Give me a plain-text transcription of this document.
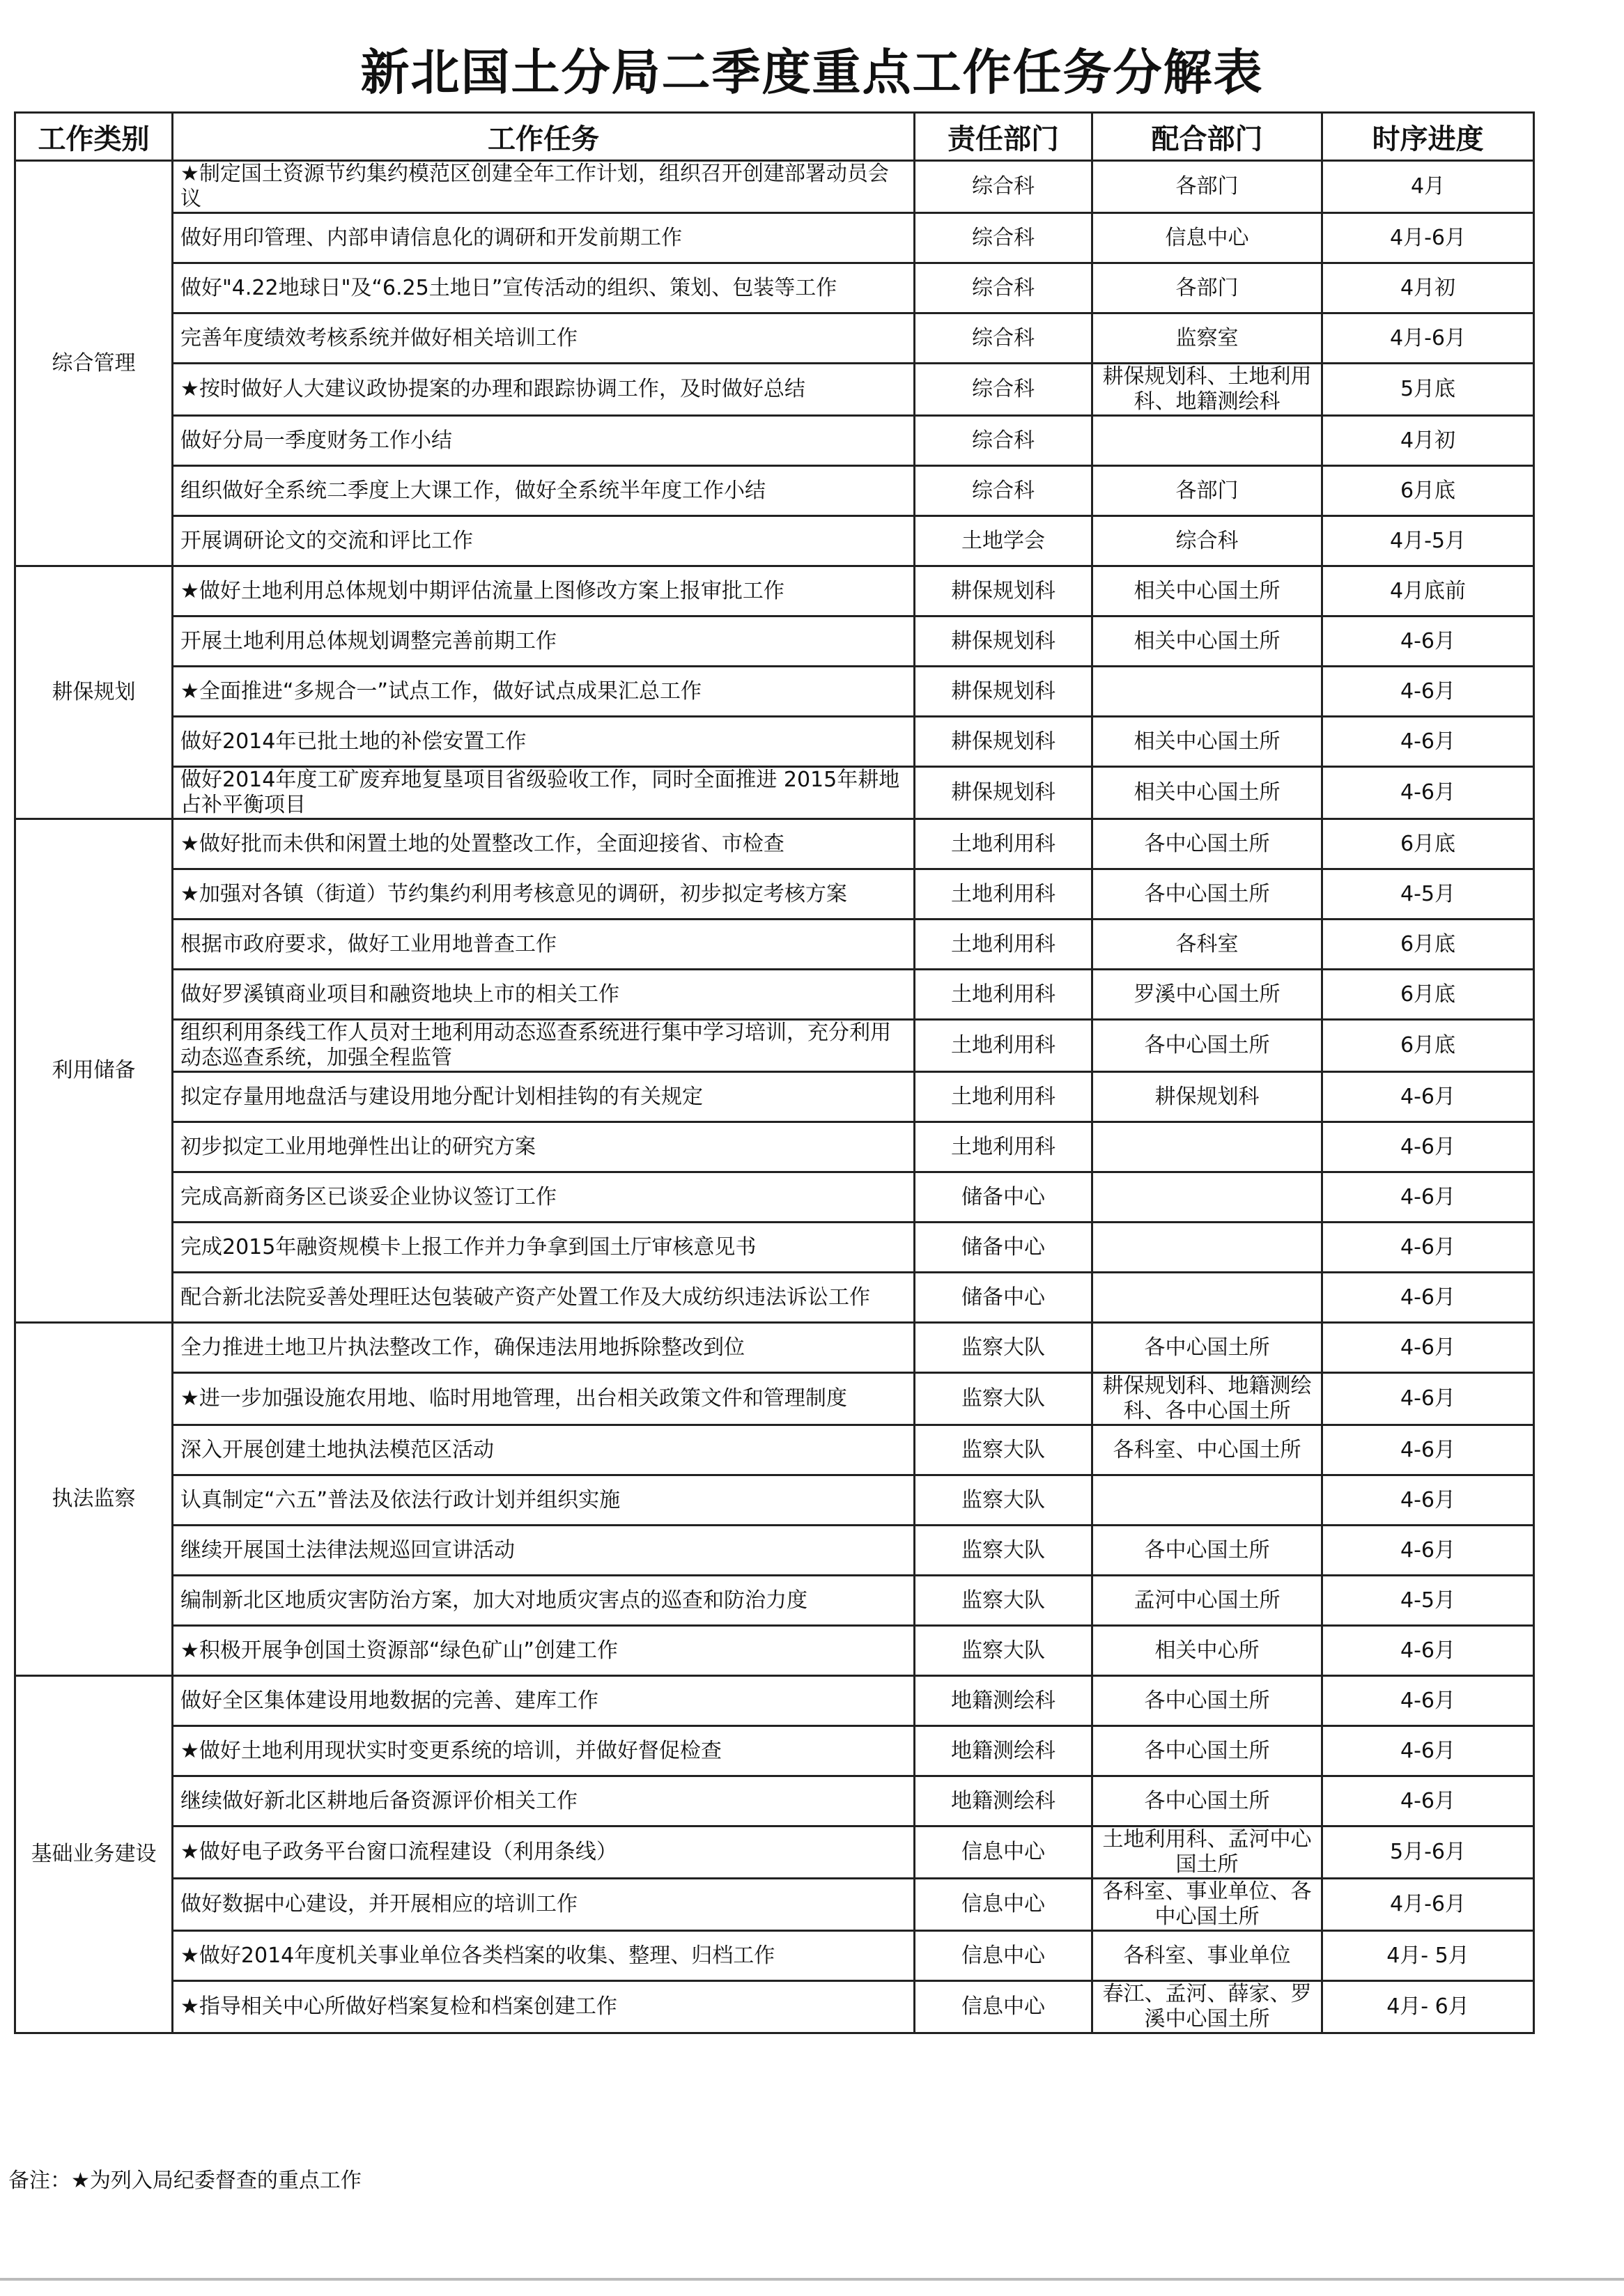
新北国土分局二季度重点工作任务分解表
工作类别	工作任务	责任部门	配合部门	时序进度
综合管理	★制定国土资源节约集约模范区创建全年工作计划，组织召开创建部署动员会议	综合科	各部门	4月
	做好用印管理、内部申请信息化的调研和开发前期工作	综合科	信息中心	4月-6月
	做好"4.22地球日"及“6.25土地日”宣传活动的组织、策划、包装等工作	综合科	各部门	4月初
	完善年度绩效考核系统并做好相关培训工作	综合科	监察室	4月-6月
	★按时做好人大建议政协提案的办理和跟踪协调工作，及时做好总结	综合科	耕保规划科、土地利用科、地籍测绘科	5月底
	做好分局一季度财务工作小结	综合科		4月初
	组织做好全系统二季度上大课工作，做好全系统半年度工作小结	综合科	各部门	6月底
	开展调研论文的交流和评比工作	土地学会	综合科	4月-5月
耕保规划	★做好土地利用总体规划中期评估流量上图修改方案上报审批工作	耕保规划科	相关中心国土所	4月底前
	开展土地利用总体规划调整完善前期工作	耕保规划科	相关中心国土所	4-6月
	★全面推进“多规合一”试点工作，做好试点成果汇总工作	耕保规划科		4-6月
	做好2014年已批土地的补偿安置工作	耕保规划科	相关中心国土所	4-6月
	做好2014年度工矿废弃地复垦项目省级验收工作，同时全面推进 2015年耕地占补平衡项目	耕保规划科	相关中心国土所	4-6月
利用储备	★做好批而未供和闲置土地的处置整改工作，全面迎接省、市检查	土地利用科	各中心国土所	6月底
	★加强对各镇（街道）节约集约利用考核意见的调研，初步拟定考核方案	土地利用科	各中心国土所	4-5月
	根据市政府要求，做好工业用地普查工作	土地利用科	各科室	6月底
	做好罗溪镇商业项目和融资地块上市的相关工作	土地利用科	罗溪中心国土所	6月底
	组织利用条线工作人员对土地利用动态巡查系统进行集中学习培训，充分利用动态巡查系统，加强全程监管	土地利用科	各中心国土所	6月底
	拟定存量用地盘活与建设用地分配计划相挂钩的有关规定	土地利用科	耕保规划科	4-6月
	初步拟定工业用地弹性出让的研究方案	土地利用科		4-6月
	完成高新商务区已谈妥企业协议签订工作	储备中心		4-6月
	完成2015年融资规模卡上报工作并力争拿到国土厅审核意见书	储备中心		4-6月
	配合新北法院妥善处理旺达包装破产资产处置工作及大成纺织违法诉讼工作	储备中心		4-6月
执法监察	全力推进土地卫片执法整改工作，确保违法用地拆除整改到位	监察大队	各中心国土所	4-6月
	★进一步加强设施农用地、临时用地管理，出台相关政策文件和管理制度	监察大队	耕保规划科、地籍测绘科、各中心国土所	4-6月
	深入开展创建土地执法模范区活动	监察大队	各科室、中心国土所	4-6月
	认真制定“六五”普法及依法行政计划并组织实施	监察大队		4-6月
	继续开展国土法律法规巡回宣讲活动	监察大队	各中心国土所	4-6月
	编制新北区地质灾害防治方案，加大对地质灾害点的巡查和防治力度	监察大队	孟河中心国土所	4-5月
	★积极开展争创国土资源部“绿色矿山”创建工作	监察大队	相关中心所	4-6月
基础业务建设	做好全区集体建设用地数据的完善、建库工作	地籍测绘科	各中心国土所	4-6月
	★做好土地利用现状实时变更系统的培训，并做好督促检查	地籍测绘科	各中心国土所	4-6月
	继续做好新北区耕地后备资源评价相关工作	地籍测绘科	各中心国土所	4-6月
	★做好电子政务平台窗口流程建设（利用条线）	信息中心	土地利用科、孟河中心国土所	5月-6月
	做好数据中心建设，并开展相应的培训工作	信息中心	各科室、事业单位、各中心国土所	4月-6月
	★做好2014年度机关事业单位各类档案的收集、整理、归档工作	信息中心	各科室、事业单位	4月- 5月
	★指导相关中心所做好档案复检和档案创建工作	信息中心	春江、孟河、薛家、罗溪中心国土所	4月- 6月
备注：★为列入局纪委督查的重点工作
